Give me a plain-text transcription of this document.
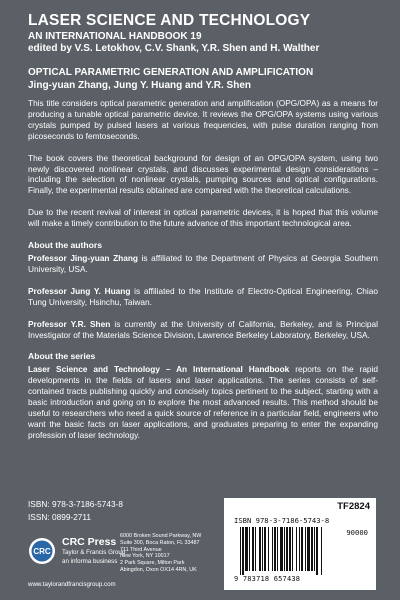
LASER SCIENCE AND TECHNOLOGY
AN INTERNATIONAL HANDBOOK 19
edited by V.S. Letokhov, C.V. Shank, Y.R. Shen and H. Walther
OPTICAL PARAMETRIC GENERATION AND AMPLIFICATION
Jing-yuan Zhang, Jung Y. Huang and Y.R. Shen

This title considers optical parametric generation and amplification (OPG/OPA) as a means for producing a tunable optical parametric device. It reviews the OPG/OPA systems using various crystals pumped by pulsed lasers at various frequencies, with pulse duration ranging from picoseconds to femtoseconds.

The book covers the theoretical background for design of an OPG/OPA system, using two newly discovered nonlinear crystals, and discusses experimental design considerations – including the selection of nonlinear crystals, pumping sources and optical configurations. Finally, the experimental results obtained are compared with the theoretical calculations.

Due to the recent revival of interest in optical parametric devices, it is hoped that this volume will make a timely contribution to the future advance of this important technological area.

About the authors

Professor Jing-yuan Zhang is affiliated to the Department of Physics at Georgia Southern University, USA.

Professor Jung Y. Huang is affiliated to the Institute of Electro-Optical Engineering, Chiao Tung University, Hsinchu, Taiwan.

Professor Y.R. Shen is currently at the University of California, Berkeley, and is Principal Investigator of the Materials Science Division, Lawrence Berkeley Laboratory, Berkeley, USA.

About the series

Laser Science and Technology – An International Handbook reports on the rapid developments in the fields of lasers and laser applications. The series consists of self-contained tracts publishing quickly and concisely topics pertinent to the subject, starting with a basic introduction and going on to explore the most advanced results. This method should be useful to researchers who need a quick source of reference in a particular field, engineers who want the basic facts on laser applications, and graduates preparing to enter the expanding profession of laser technology.

ISBN: 978-3-7186-5743-8
ISSN: 0899-2711
CRC
CRC Press
Taylor & Francis Group
an informa business
www.taylorandfrancisgroup.com
6000 Broken Sound Parkway, NW
Suite 300, Boca Raton, FL 33487
711 Third Avenue
New York, NY 10017
2 Park Square, Milton Park
Abingdon, Oxon OX14 4RN, UK
TF2824
ISBN 978-3-7186-5743-8
90000
9 783718 657438
